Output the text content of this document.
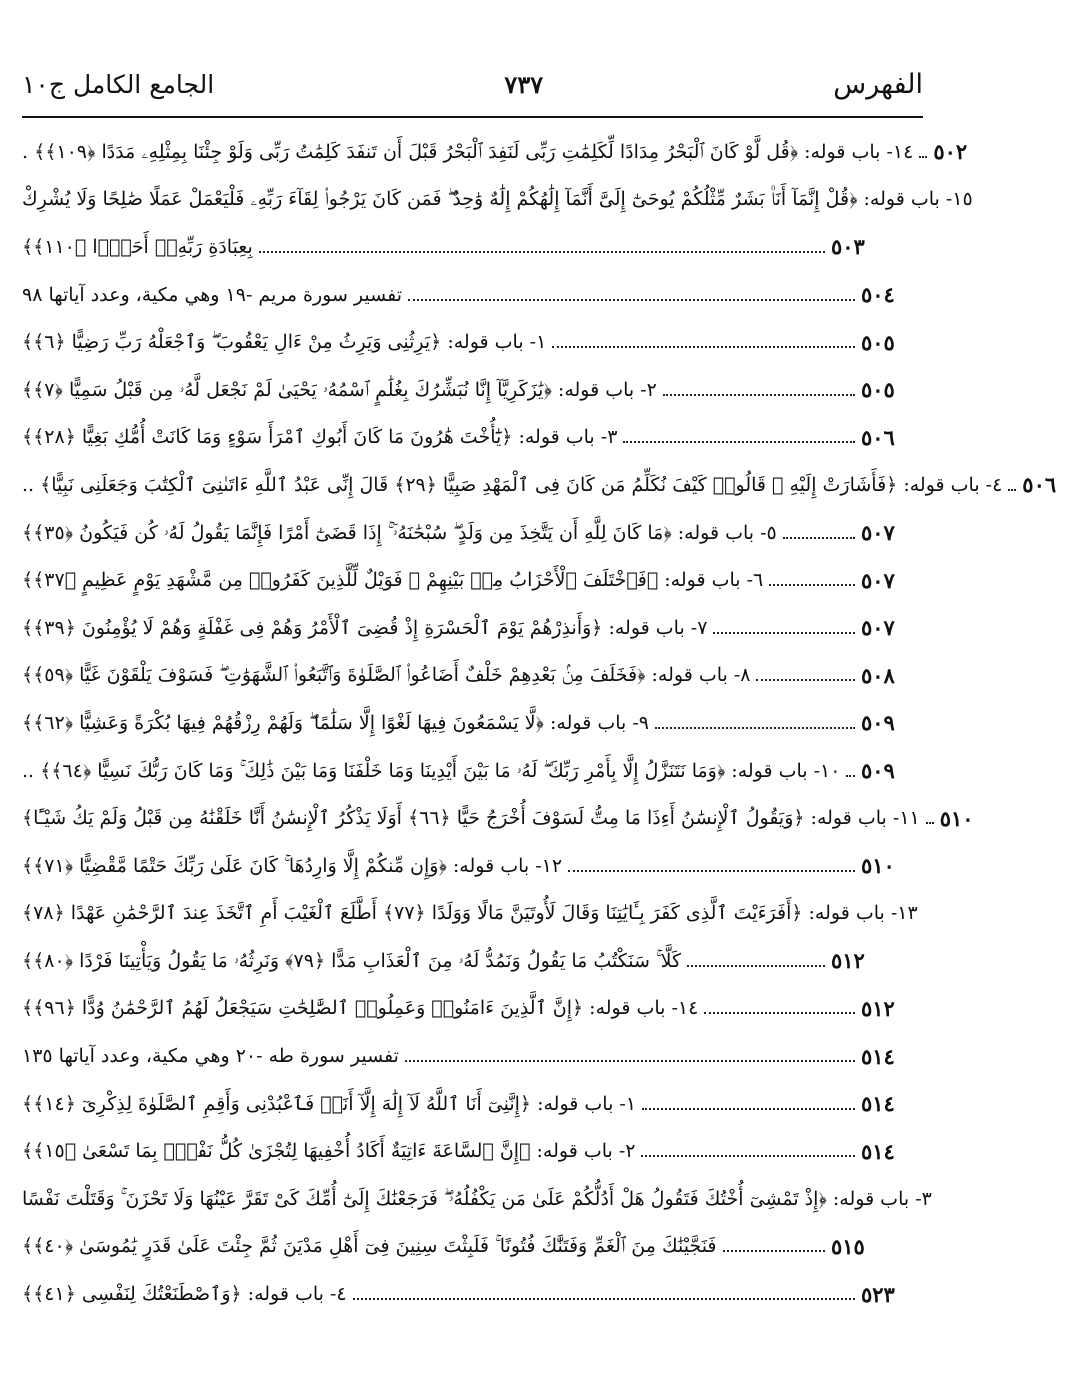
الفهرس
٧٣٧
الجامع الكامل ج١٠
١٤- باب قوله: ﴿قُل لَّوْ كَانَ ٱلْبَحْرُ مِدَادًا لِّكَلِمَٰتِ رَبِّى لَنَفِدَ ٱلْبَحْرُ قَبْلَ أَن تَنفَدَ كَلِمَٰتُ رَبِّى وَلَوْ جِئْنَا بِمِثْلِهِۦ مَدَدًا ﴿١٠٩﴾﴾ . ٥٠٢
١٥- باب قوله: ﴿قُلْ إِنَّمَآ أَنَا۠ بَشَرٌ مِّثْلُكُمْ يُوحَىٰٓ إِلَىَّ أَنَّمَآ إِلَٰهُكُمْ إِلَٰهٌ وَٰحِدٌ ۖ فَمَن كَانَ يَرْجُوا۟ لِقَآءَ رَبِّهِۦ فَلْيَعْمَلْ عَمَلًا صَٰلِحًا وَلَا يُشْرِكْ
بِعِبَادَةِ رَبِّهِۦٓ أَحَدًۢا ﴿١١٠﴾﴾	٥٠٣
تفسير سورة مريم -١٩ وهي مكية، وعدد آياتها ٩٨	٥٠٤
١- باب قوله: ﴿يَرِثُنِى وَيَرِثُ مِنْ ءَالِ يَعْقُوبَ ۖ وَٱجْعَلْهُ رَبِّ رَضِيًّا ﴿٦﴾﴾	٥٠٥
٢- باب قوله: ﴿يَٰزَكَرِيَّآ إِنَّا نُبَشِّرُكَ بِغُلَٰمٍ ٱسْمُهُۥ يَحْيَىٰ لَمْ نَجْعَل لَّهُۥ مِن قَبْلُ سَمِيًّا ﴿٧﴾﴾	٥٠٥
٣- باب قوله: ﴿يَٰٓأُخْتَ هَٰرُونَ مَا كَانَ أَبُوكِ ٱمْرَأَ سَوْءٍ وَمَا كَانَتْ أُمُّكِ بَغِيًّا ﴿٢٨﴾﴾	٥٠٦
٤- باب قوله: ﴿فَأَشَارَتْ إِلَيْهِ ۖ قَالُوا۟ كَيْفَ نُكَلِّمُ مَن كَانَ فِى ٱلْمَهْدِ صَبِيًّا ﴿٢٩﴾ قَالَ إِنِّى عَبْدُ ٱللَّهِ ءَاتَىٰنِىَ ٱلْكِتَٰبَ وَجَعَلَنِى نَبِيًّا﴾ .. ٥٠٦
٥- باب قوله: ﴿مَا كَانَ لِلَّهِ أَن يَتَّخِذَ مِن وَلَدٍ ۖ سُبْحَٰنَهُۥٓ ۚ إِذَا قَضَىٰٓ أَمْرًا فَإِنَّمَا يَقُولُ لَهُۥ كُن فَيَكُونُ ﴿٣٥﴾﴾	٥٠٧
٦- باب قوله: ﴿فَٱخْتَلَفَ ٱلْأَحْزَابُ مِنۢ بَيْنِهِمْ ۖ فَوَيْلٌ لِّلَّذِينَ كَفَرُوا۟ مِن مَّشْهَدِ يَوْمٍ عَظِيمٍ ﴿٣٧﴾﴾	٥٠٧
٧- باب قوله: ﴿وَأَنذِرْهُمْ يَوْمَ ٱلْحَسْرَةِ إِذْ قُضِىَ ٱلْأَمْرُ وَهُمْ فِى غَفْلَةٍ وَهُمْ لَا يُؤْمِنُونَ ﴿٣٩﴾﴾	٥٠٧
٨- باب قوله: ﴿فَخَلَفَ مِنۢ بَعْدِهِمْ خَلْفٌ أَضَاعُوا۟ ٱلصَّلَوٰةَ وَٱتَّبَعُوا۟ ٱلشَّهَوَٰتِ ۖ فَسَوْفَ يَلْقَوْنَ غَيًّا ﴿٥٩﴾﴾	٥٠٨
٩- باب قوله: ﴿لَّا يَسْمَعُونَ فِيهَا لَغْوًا إِلَّا سَلَٰمًا ۖ وَلَهُمْ رِزْقُهُمْ فِيهَا بُكْرَةً وَعَشِيًّا ﴿٦٢﴾﴾	٥٠٩
١٠- باب قوله: ﴿وَمَا نَتَنَزَّلُ إِلَّا بِأَمْرِ رَبِّكَ ۖ لَهُۥ مَا بَيْنَ أَيْدِينَا وَمَا خَلْفَنَا وَمَا بَيْنَ ذَٰلِكَ ۚ وَمَا كَانَ رَبُّكَ نَسِيًّا ﴿٦٤﴾﴾ .. ٥٠٩
١١- باب قوله: ﴿وَيَقُولُ ٱلْإِنسَٰنُ أَءِذَا مَا مِتُّ لَسَوْفَ أُخْرَجُ حَيًّا ﴿٦٦﴾ أَوَلَا يَذْكُرُ ٱلْإِنسَٰنُ أَنَّا خَلَقْنَٰهُ مِن قَبْلُ وَلَمْ يَكُ شَيْـًٔا﴾ ٥١٠
١٢- باب قوله: ﴿وَإِن مِّنكُمْ إِلَّا وَارِدُهَا ۚ كَانَ عَلَىٰ رَبِّكَ حَتْمًا مَّقْضِيًّا ﴿٧١﴾﴾	٥١٠
١٣- باب قوله: ﴿أَفَرَءَيْتَ ٱلَّذِى كَفَرَ بِـَٔايَٰتِنَا وَقَالَ لَأُوتَيَنَّ مَالًا وَوَلَدًا ﴿٧٧﴾ أَطَّلَعَ ٱلْغَيْبَ أَمِ ٱتَّخَذَ عِندَ ٱلرَّحْمَٰنِ عَهْدًا ﴿٧٨﴾
كَلَّا ۚ سَنَكْتُبُ مَا يَقُولُ وَنَمُدُّ لَهُۥ مِنَ ٱلْعَذَابِ مَدًّا ﴿٧٩﴾ وَنَرِثُهُۥ مَا يَقُولُ وَيَأْتِينَا فَرْدًا ﴿٨٠﴾﴾	٥١٢
١٤- باب قوله: ﴿إِنَّ ٱلَّذِينَ ءَامَنُوا۟ وَعَمِلُوا۟ ٱلصَّٰلِحَٰتِ سَيَجْعَلُ لَهُمُ ٱلرَّحْمَٰنُ وُدًّا ﴿٩٦﴾﴾	٥١٢
تفسير سورة طه -٢٠ وهي مكية، وعدد آياتها ١٣٥	٥١٤
١- باب قوله: ﴿إِنَّنِىٓ أَنَا ٱللَّهُ لَآ إِلَٰهَ إِلَّآ أَنَا۠ فَٱعْبُدْنِى وَأَقِمِ ٱلصَّلَوٰةَ لِذِكْرِىٓ ﴿١٤﴾﴾	٥١٤
٢- باب قوله: ﴿إِنَّ ٱلسَّاعَةَ ءَاتِيَةٌ أَكَادُ أُخْفِيهَا لِتُجْزَىٰ كُلُّ نَفْسٍۭ بِمَا تَسْعَىٰ ﴿١٥﴾﴾	٥١٤
٣- باب قوله: ﴿إِذْ تَمْشِىٓ أُخْتُكَ فَتَقُولُ هَلْ أَدُلُّكُمْ عَلَىٰ مَن يَكْفُلُهُۥ ۖ فَرَجَعْنَٰكَ إِلَىٰٓ أُمِّكَ كَىْ تَقَرَّ عَيْنُهَا وَلَا تَحْزَنَ ۚ وَقَتَلْتَ نَفْسًا
فَنَجَّيْنَٰكَ مِنَ ٱلْغَمِّ وَفَتَنَّٰكَ فُتُونًا ۚ فَلَبِثْتَ سِنِينَ فِىٓ أَهْلِ مَدْيَنَ ثُمَّ جِئْتَ عَلَىٰ قَدَرٍ يَٰمُوسَىٰ ﴿٤٠﴾﴾	٥١٥
٤- باب قوله: ﴿وَٱصْطَنَعْتُكَ لِنَفْسِى ﴿٤١﴾﴾	٥٢٣
